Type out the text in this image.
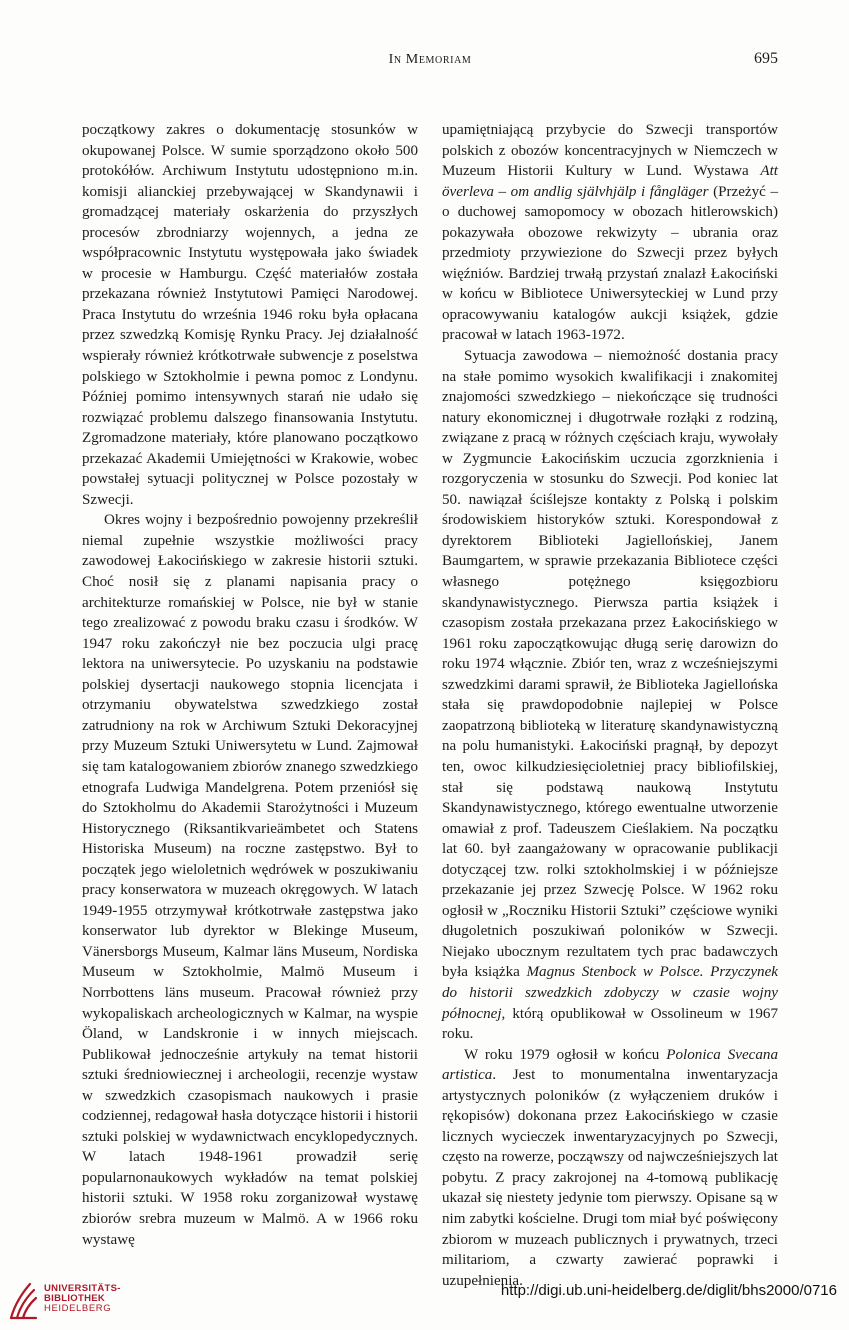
In Memoriam	695

początkowy zakres o dokumentację stosunków w okupowanej Polsce. W sumie sporządzono około 500 protokółów. Archiwum Instytutu udostępniono m.in. komisji alianckiej przebywającej w Skandynawii i gromadzącej materiały oskarżenia do przyszłych procesów zbrodniarzy wojennych, a jedna ze współpracownic Instytutu występowała jako świadek w procesie w Hamburgu. Część materiałów została przekazana również Instytutowi Pamięci Narodowej. Praca Instytutu do września 1946 roku była opłacana przez szwedzką Komisję Rynku Pracy. Jej działalność wspierały również krótkotrwałe subwencje z poselstwa polskiego w Sztokholmie i pewna pomoc z Londynu. Później pomimo intensywnych starań nie udało się rozwiązać problemu dalszego finansowania Instytutu. Zgromadzone materiały, które planowano początkowo przekazać Akademii Umiejętności w Krakowie, wobec powstałej sytuacji politycznej w Polsce pozostały w Szwecji.

Okres wojny i bezpośrednio powojenny przekreślił niemal zupełnie wszystkie możliwości pracy zawodowej Łakocińskiego w zakresie historii sztuki. Choć nosił się z planami napisania pracy o architekturze romańskiej w Polsce, nie był w stanie tego zrealizować z powodu braku czasu i środków. W 1947 roku zakończył nie bez poczucia ulgi pracę lektora na uniwersytecie. Po uzyskaniu na podstawie polskiej dysertacji naukowego stopnia licencjata i otrzymaniu obywatelstwa szwedzkiego został zatrudniony na rok w Archiwum Sztuki Dekoracyjnej przy Muzeum Sztuki Uniwersytetu w Lund. Zajmował się tam katalogowaniem zbiorów znanego szwedzkiego etnografa Ludwiga Mandelgrena. Potem przeniósł się do Sztokholmu do Akademii Starożytności i Muzeum Historycznego (Riksantikvarieämbetet och Statens Historiska Museum) na roczne zastępstwo. Był to początek jego wieloletnich wędrówek w poszukiwaniu pracy konserwatora w muzeach okręgowych. W latach 1949-1955 otrzymywał krótkotrwałe zastępstwa jako konserwator lub dyrektor w Blekinge Museum, Vänersborgs Museum, Kalmar läns Museum, Nordiska Museum w Sztokholmie, Malmö Museum i Norrbottens läns museum. Pracował również przy wykopaliskach archeologicznych w Kalmar, na wyspie Öland, w Landskronie i w innych miejscach. Publikował jednocześnie artykuły na temat historii sztuki średniowiecznej i archeologii, recenzje wystaw w szwedzkich czasopismach naukowych i prasie codziennej, redagował hasła dotyczące historii i historii sztuki polskiej w wydawnictwach encyklopedycznych. W latach 1948-1961 prowadził serię popularnonaukowych wykładów na temat polskiej historii sztuki. W 1958 roku zorganizował wystawę zbiorów srebra muzeum w Malmö. A w 1966 roku wystawę

upamiętniającą przybycie do Szwecji transportów polskich z obozów koncentracyjnych w Niemczech w Muzeum Historii Kultury w Lund. Wystawa Att överleva – om andlig självhjälp i fångläger (Przeżyć – o duchowej samopomocy w obozach hitlerowskich) pokazywała obozowe rekwizyty – ubrania oraz przedmioty przywiezione do Szwecji przez byłych więźniów. Bardziej trwałą przystań znalazł Łakociński w końcu w Bibliotece Uniwersyteckiej w Lund przy opracowywaniu katalogów aukcji książek, gdzie pracował w latach 1963-1972.

Sytuacja zawodowa – niemożność dostania pracy na stałe pomimo wysokich kwalifikacji i znakomitej znajomości szwedzkiego – niekończące się trudności natury ekonomicznej i długotrwałe rozłąki z rodziną, związane z pracą w różnych częściach kraju, wywołały w Zygmuncie Łakocińskim uczucia zgorzknienia i rozgoryczenia w stosunku do Szwecji. Pod koniec lat 50. nawiązał ściślejsze kontakty z Polską i polskim środowiskiem historyków sztuki. Korespondował z dyrektorem Biblioteki Jagiellońskiej, Janem Baumgartem, w sprawie przekazania Bibliotece części własnego potężnego księgozbioru skandynawistycznego. Pierwsza partia książek i czasopism została przekazana przez Łakocińskiego w 1961 roku zapoczątkowując długą serię darowizn do roku 1974 włącznie. Zbiór ten, wraz z wcześniejszymi szwedzkimi darami sprawił, że Biblioteka Jagiellońska stała się prawdopodobnie najlepiej w Polsce zaopatrzoną biblioteką w literaturę skandynawistyczną na polu humanistyki. Łakociński pragnął, by depozyt ten, owoc kilkudziesięcioletniej pracy bibliofilskiej, stał się podstawą naukową Instytutu Skandynawistycznego, którego ewentualne utworzenie omawiał z prof. Tadeuszem Cieślakiem. Na początku lat 60. był zaangażowany w opracowanie publikacji dotyczącej tzw. rolki sztokholmskiej i w późniejsze przekazanie jej przez Szwecję Polsce. W 1962 roku ogłosił w „Roczniku Historii Sztuki” częściowe wyniki długoletnich poszukiwań poloników w Szwecji. Niejako ubocznym rezultatem tych prac badawczych była książka Magnus Stenbock w Polsce. Przyczynek do historii szwedzkich zdobyczy w czasie wojny północnej, którą opublikował w Ossolineum w 1967 roku.

W roku 1979 ogłosił w końcu Polonica Svecana artistica. Jest to monumentalna inwentaryzacja artystycznych poloników (z wyłączeniem druków i rękopisów) dokonana przez Łakocińskiego w czasie licznych wycieczek inwentaryzacyjnych po Szwecji, często na rowerze, począwszy od najwcześniejszych lat pobytu. Z pracy zakrojonej na 4-tomową publikację ukazał się niestety jedynie tom pierwszy. Opisane są w nim zabytki kościelne. Drugi tom miał być poświęcony zbiorom w muzeach publicznych i prywatnych, trzeci militariom, a czwarty zawierać poprawki i uzupełnienia.

UNIVERSITÄTS-
BIBLIOTHEK
HEIDELBERG
http://digi.ub.uni-heidelberg.de/diglit/bhs2000/0716
